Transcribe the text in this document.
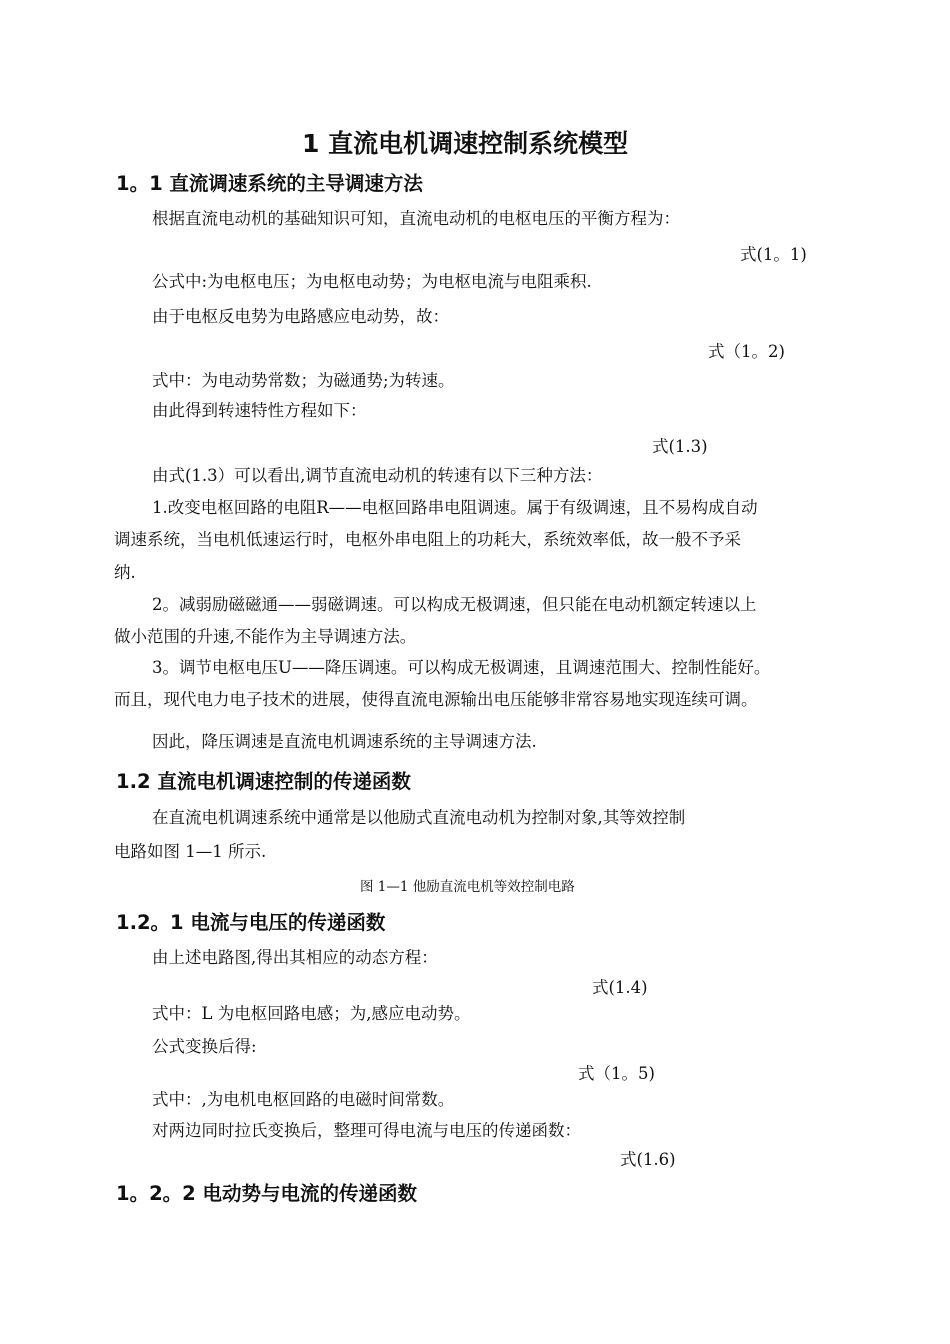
1 直流电机调速控制系统模型
1。1 直流调速系统的主导调速方法
根据直流电动机的基础知识可知，直流电动机的电枢电压的平衡方程为：
式(1。1)
公式中:为电枢电压；为电枢电动势；为电枢电流与电阻乘积.
由于电枢反电势为电路感应电动势，故：
式（1。2)
式中：为电动势常数；为磁通势;为转速。
由此得到转速特性方程如下：
式(1.3)
由式(1.3）可以看出,调节直流电动机的转速有以下三种方法：
1.改变电枢回路的电阻R——电枢回路串电阻调速。属于有级调速，且不易构成自动
调速系统，当电机低速运行时，电枢外串电阻上的功耗大，系统效率低，故一般不予采
纳.
2。减弱励磁磁通——弱磁调速。可以构成无极调速，但只能在电动机额定转速以上
做小范围的升速,不能作为主导调速方法。
3。调节电枢电压U——降压调速。可以构成无极调速，且调速范围大、控制性能好。
而且，现代电力电子技术的进展，使得直流电源输出电压能够非常容易地实现连续可调。
因此，降压调速是直流电机调速系统的主导调速方法.
1.2 直流电机调速控制的传递函数
在直流电机调速系统中通常是以他励式直流电动机为控制对象,其等效控制
电路如图 1—1 所示.
图 1—1 他励直流电机等效控制电路
1.2。1 电流与电压的传递函数
由上述电路图,得出其相应的动态方程：
式(1.4)
式中：L 为电枢回路电感；为,感应电动势。
公式变换后得:
式（1。5)
式中：,为电机电枢回路的电磁时间常数。
对两边同时拉氏变换后，整理可得电流与电压的传递函数：
式(1.6)
1。2。2 电动势与电流的传递函数
